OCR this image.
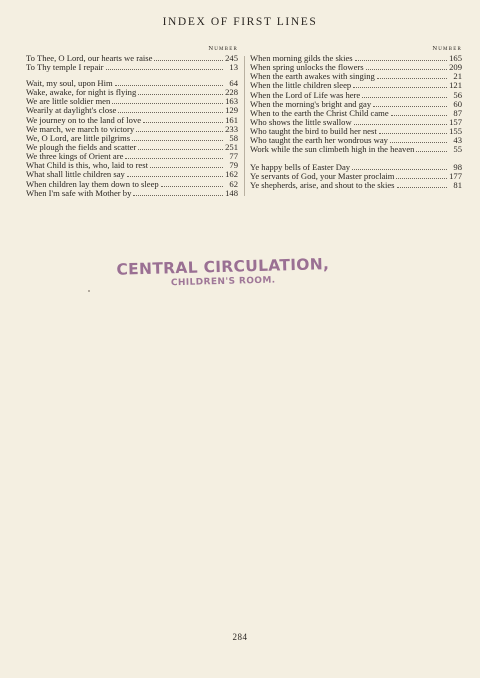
INDEX OF FIRST LINES
Number
To Thee, O Lord, our hearts we raise	245
To Thy temple I repair	13
Wait, my soul, upon Him	64
Wake, awake, for night is flying	228
We are little soldier men	163
Wearily at daylight's close	129
We journey on to the land of love	161
We march, we march to victory	233
We, O Lord, are little pilgrims	58
We plough the fields and scatter	251
We three kings of Orient are	77
What Child is this, who, laid to rest	79
What shall little children say	162
When children lay them down to sleep	62
When I'm safe with Mother by	148
Number
When morning gilds the skies	165
When spring unlocks the flowers	209
When the earth awakes with singing	21
When the little children sleep	121
When the Lord of Life was here	56
When the morning's bright and gay	60
When to the earth the Christ Child came	87
Who shows the little swallow	157
Who taught the bird to build her nest	155
Who taught the earth her wondrous way	43
Work while the sun climbeth high in the heaven	55
Ye happy bells of Easter Day	98
Ye servants of God, your Master proclaim	177
Ye shepherds, arise, and shout to the skies	81
CENTRAL CIRCULATION,
CHILDREN'S ROOM.
284
